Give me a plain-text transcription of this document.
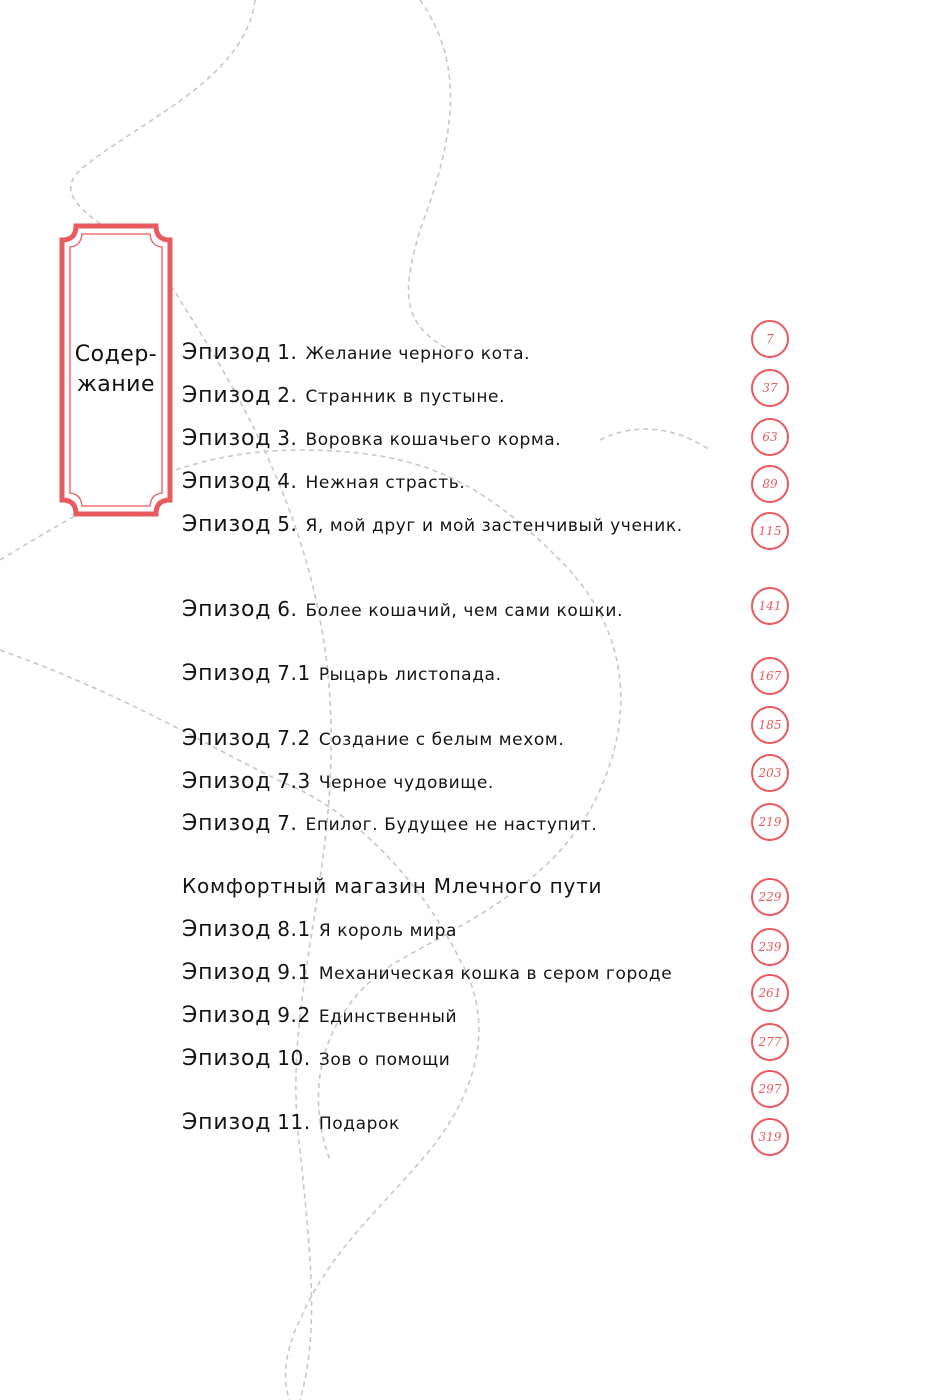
Содер-
жание
Эпизод 1. Желание черного кота.
Эпизод 2. Странник в пустыне.
Эпизод 3. Воровка кошачьего корма.
Эпизод 4. Нежная страсть.
Эпизод 5. Я, мой друг и мой застенчивый ученик.
Эпизод 6. Более кошачий, чем сами кошки.
Эпизод 7.1 Рыцарь листопада.
Эпизод 7.2 Создание с белым мехом.
Эпизод 7.3 Черное чудовище.
Эпизод 7. Епилог. Будущее не наступит.
Комфортный магазин Млечного пути
Эпизод 8.1 Я король мира
Эпизод 9.1 Механическая кошка в сером городе
Эпизод 9.2 Единственный
Эпизод 10. Зов о помощи
Эпизод 11. Подарок
7
37
63
89
115
141
167
185
203
219
229
239
261
277
297
319
